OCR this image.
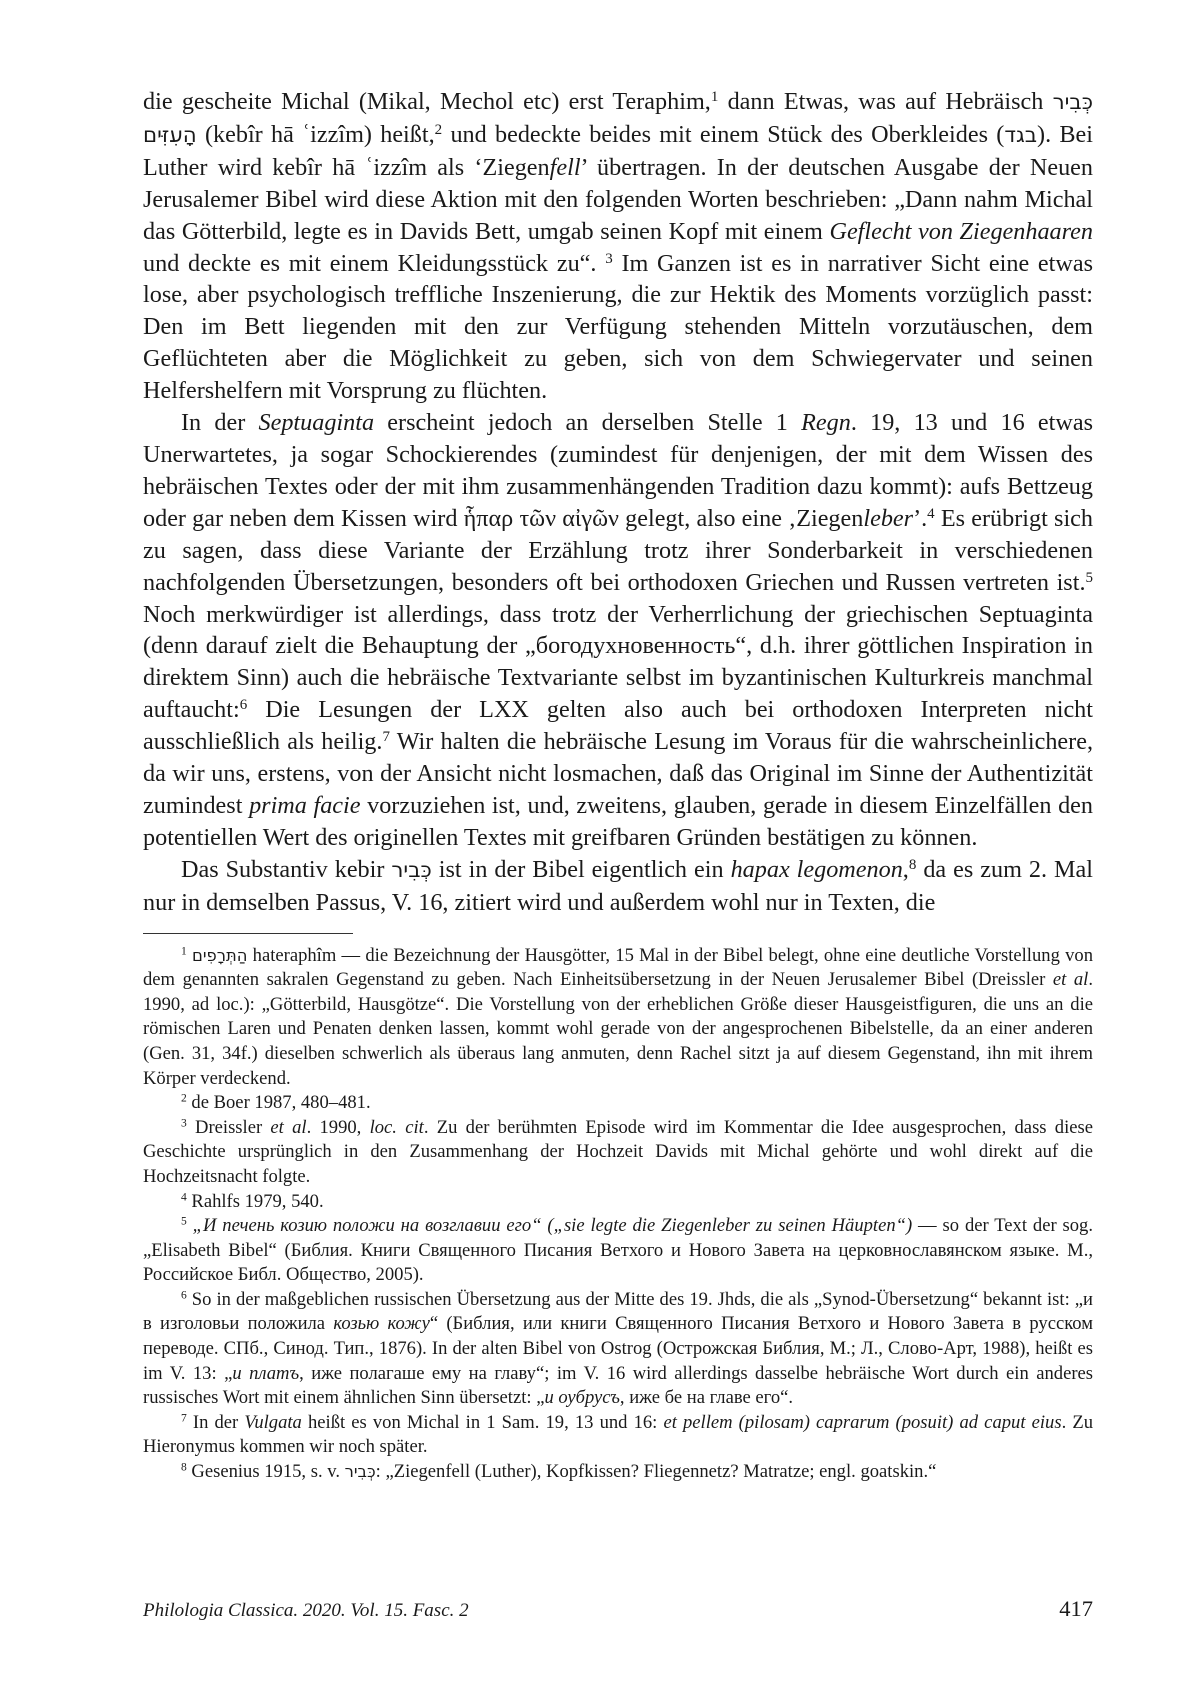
die gescheite Michal (Mikal, Mechol etc) erst Teraphim,$^1$ dann Etwas, was auf Hebräisch כְּבִיר הָעִזִּים (kebîr hā ʿizzîm) heißt,$^2$ und bedeckte beides mit einem Stück des Oberkleides (בגד). Bei Luther wird kebîr hā ʿizzîm als ‘Ziegenfell’ übertragen. In der deutschen Ausgabe der Neuen Jerusalemer Bibel wird diese Aktion mit den folgenden Worten beschrieben: „Dann nahm Michal das Götterbild, legte es in Davids Bett, umgab seinen Kopf mit einem Geflecht von Ziegenhaaren und deckte es mit einem Kleidungsstück zu“. $^3$ Im Ganzen ist es in narrativer Sicht eine etwas lose, aber psychologisch treffliche Inszenierung, die zur Hektik des Moments vorzüglich passt: Den im Bett liegenden mit den zur Verfügung stehenden Mitteln vorzutäuschen, dem Geflüchteten aber die Möglichkeit zu geben, sich von dem Schwiegervater und seinen Helfershelfern mit Vorsprung zu flüchten.

In der Septuaginta erscheint jedoch an derselben Stelle 1 Regn. 19, 13 und 16 etwas Unerwartetes, ja sogar Schockierendes (zumindest für denjenigen, der mit dem Wissen des hebräischen Textes oder der mit ihm zusammenhängenden Tradition dazu kommt): aufs Bettzeug oder gar neben dem Kissen wird ἧπαρ τῶν αἰγῶν gelegt, also eine ‚Ziegenleber’.$^4$ Es erübrigt sich zu sagen, dass diese Variante der Erzählung trotz ihrer Sonderbarkeit in verschiedenen nachfolgenden Übersetzungen, besonders oft bei orthodoxen Griechen und Russen vertreten ist.$^5$ Noch merkwürdiger ist allerdings, dass trotz der Verherrlichung der griechischen Septuaginta (denn darauf zielt die Behauptung der „богодухновенность“, d.h. ihrer göttlichen Inspiration in direktem Sinn) auch die hebräische Textvariante selbst im byzantinischen Kulturkreis manchmal auftaucht:$^6$ Die Lesungen der LXX gelten also auch bei orthodoxen Interpreten nicht ausschließlich als heilig.$^7$ Wir halten die hebräische Lesung im Voraus für die wahrscheinlichere, da wir uns, erstens, von der Ansicht nicht losmachen, daß das Original im Sinne der Authentizität zumindest prima facie vorzuziehen ist, und, zweitens, glauben, gerade in diesem Einzelfällen den potentiellen Wert des originellen Textes mit greifbaren Gründen bestätigen zu können.

Das Substantiv kebir כְּבִיר ist in der Bibel eigentlich ein hapax legomenon,$^8$ da es zum 2. Mal nur in demselben Passus, V. 16, zitiert wird und außerdem wohl nur in Texten, die

$^1$ הַתְּרָפִים hateraphîm — die Bezeichnung der Hausgötter, 15 Mal in der Bibel belegt, ohne eine deutliche Vorstellung von dem genannten sakralen Gegenstand zu geben. Nach Einheitsübersetzung in der Neuen Jerusalemer Bibel (Dreissler et al. 1990, ad loc.): „Götterbild, Hausgötze“. Die Vorstellung von der erheblichen Größe dieser Hausgeistfiguren, die uns an die römischen Laren und Penaten denken lassen, kommt wohl gerade von der angesprochenen Bibelstelle, da an einer anderen (Gen. 31, 34f.) dieselben schwerlich als überaus lang anmuten, denn Rachel sitzt ja auf diesem Gegenstand, ihn mit ihrem Körper verdeckend.

$^2$ de Boer 1987, 480–481.

$^3$ Dreissler et al. 1990, loc. cit. Zu der berühmten Episode wird im Kommentar die Idee ausgesprochen, dass diese Geschichte ursprünglich in den Zusammenhang der Hochzeit Davids mit Michal gehörte und wohl direkt auf die Hochzeitsnacht folgte.

$^4$ Rahlfs 1979, 540.

$^5$ „И печень козию положи на возглавии его“ („sie legte die Ziegenleber zu seinen Häupten“) — so der Text der sog. „Elisabeth Bibel“ (Библия. Книги Священного Писания Ветхого и Нового Завета на церковнославянском языке. М., Российское Библ. Общество, 2005).

$^6$ So in der maßgeblichen russischen Übersetzung aus der Mitte des 19. Jhds, die als „Synod-Übersetzung“ bekannt ist: „и в изголовьи положила козью кожу“ (Библия, или книги Священного Писания Ветхого и Нового Завета в русском переводе. СПб., Синод. Тип., 1876). In der alten Bibel von Ostrog (Острожская Библия, М.; Л., Слово-Арт, 1988), heißt es im V. 13: „и платъ, иже полагаше ему на главу“; im V. 16 wird allerdings dasselbe hebräische Wort durch ein anderes russisches Wort mit einem ähnlichen Sinn übersetzt: „и оубрусъ, иже бе на главе его“.

$^7$ In der Vulgata heißt es von Michal in 1 Sam. 19, 13 und 16: et pellem (pilosam) caprarum (posuit) ad caput eius. Zu Hieronymus kommen wir noch später.

$^8$ Gesenius 1915, s. v. כְּבִיר: „Ziegenfell (Luther), Kopfkissen? Fliegennetz? Matratze; engl. goatskin.“

Philologia Classica. 2020. Vol. 15. Fasc. 2	417
